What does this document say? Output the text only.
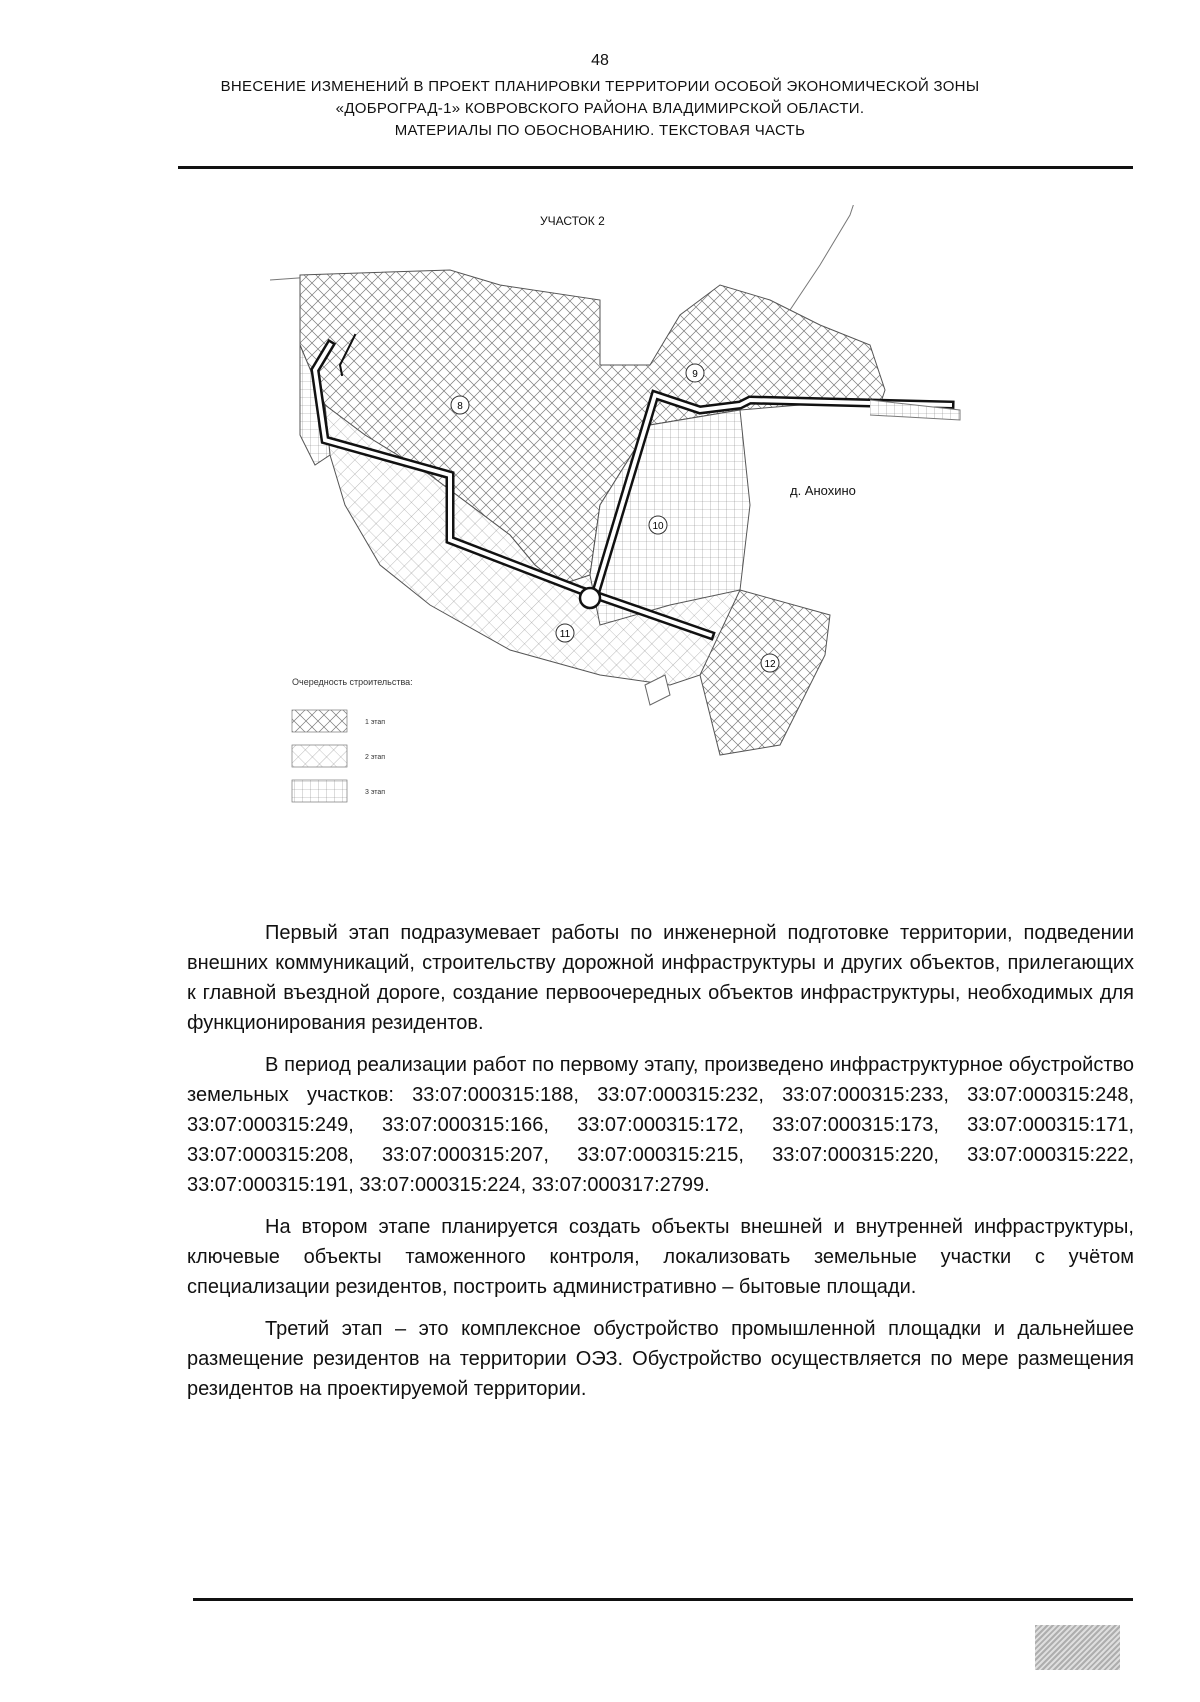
48
ВНЕСЕНИЕ ИЗМЕНЕНИЙ В ПРОЕКТ ПЛАНИРОВКИ ТЕРРИТОРИИ ОСОБОЙ ЭКОНОМИЧЕСКОЙ ЗОНЫ
«ДОБРОГРАД-1» КОВРОВСКОГО РАЙОНА ВЛАДИМИРСКОЙ ОБЛАСТИ.
МАТЕРИАЛЫ ПО ОБОСНОВАНИЮ. ТЕКСТОВАЯ ЧАСТЬ
УЧАСТОК 2
8
9
10
11
12
д. Анохино
Очередность строительства:
1 этап
2 этап
3 этап

Первый этап подразумевает работы по инженерной подготовке территории, подведении внешних коммуникаций, строительству дорожной инфраструктуры и других объектов, прилегающих к главной въездной дороге, создание первоочередных объектов инфраструктуры, необходимых для функционирования резидентов.

В период реализации работ по первому этапу, произведено инфраструктурное обустройство земельных участков: 33:07:000315:188, 33:07:000315:232, 33:07:000315:233, 33:07:000315:248, 33:07:000315:249, 33:07:000315:166, 33:07:000315:172, 33:07:000315:173, 33:07:000315:171, 33:07:000315:208, 33:07:000315:207, 33:07:000315:215, 33:07:000315:220, 33:07:000315:222, 33:07:000315:191, 33:07:000315:224, 33:07:000317:2799.

На втором этапе планируется создать объекты внешней и внутренней инфраструктуры, ключевые объекты таможенного контроля, локализовать земельные участки с учётом специализации резидентов, построить административно – бытовые площади.

Третий этап – это комплексное обустройство промышленной площадки и дальнейшее размещение резидентов на территории ОЭЗ. Обустройство осуществляется по мере размещения резидентов на проектируемой территории.
